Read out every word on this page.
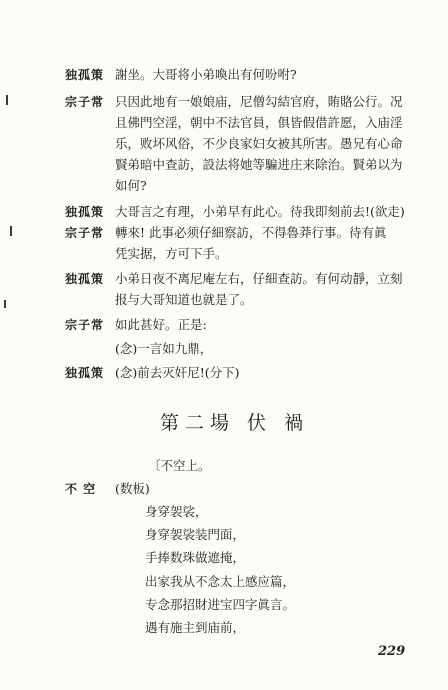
独孤策 謝坐。大哥将小弟喚出有何吩咐?
宗子常 只因此地有一娘娘庙，尼僧勾結官府，賄賂公行。况
且佛門空淫，朝中不法官員，俱皆假借許愿，入庙淫
乐，败坏风俗，不少良家妇女被其所害。愚兄有心命
賢弟暗中查訪，設法将她等騙进庄来除治。賢弟以为
如何?
独孤策 大哥言之有理，小弟早有此心。待我即刻前去!(欲走)
宗子常 轉來! 此事必须仔細察訪，不得魯莽行事。待有眞
凭实据，方可下手。
独孤策 小弟日夜不离尼庵左右，仔細查訪。有何动靜，立刻
报与大哥知道也就是了。
宗子常 如此甚好。正是:
(念)一言如九鼎，
独孤策 (念)前去灭奸尼!(分下)
第二場 伏 禍
〔不空上。
不 空	(数板)
身穿袈裟，
身穿袈裟装門面，
手捧数珠做遮掩，
出家我从不念太上感应篇，
专念那招財进宝四字眞言。
遇有施主到庙前，
229
